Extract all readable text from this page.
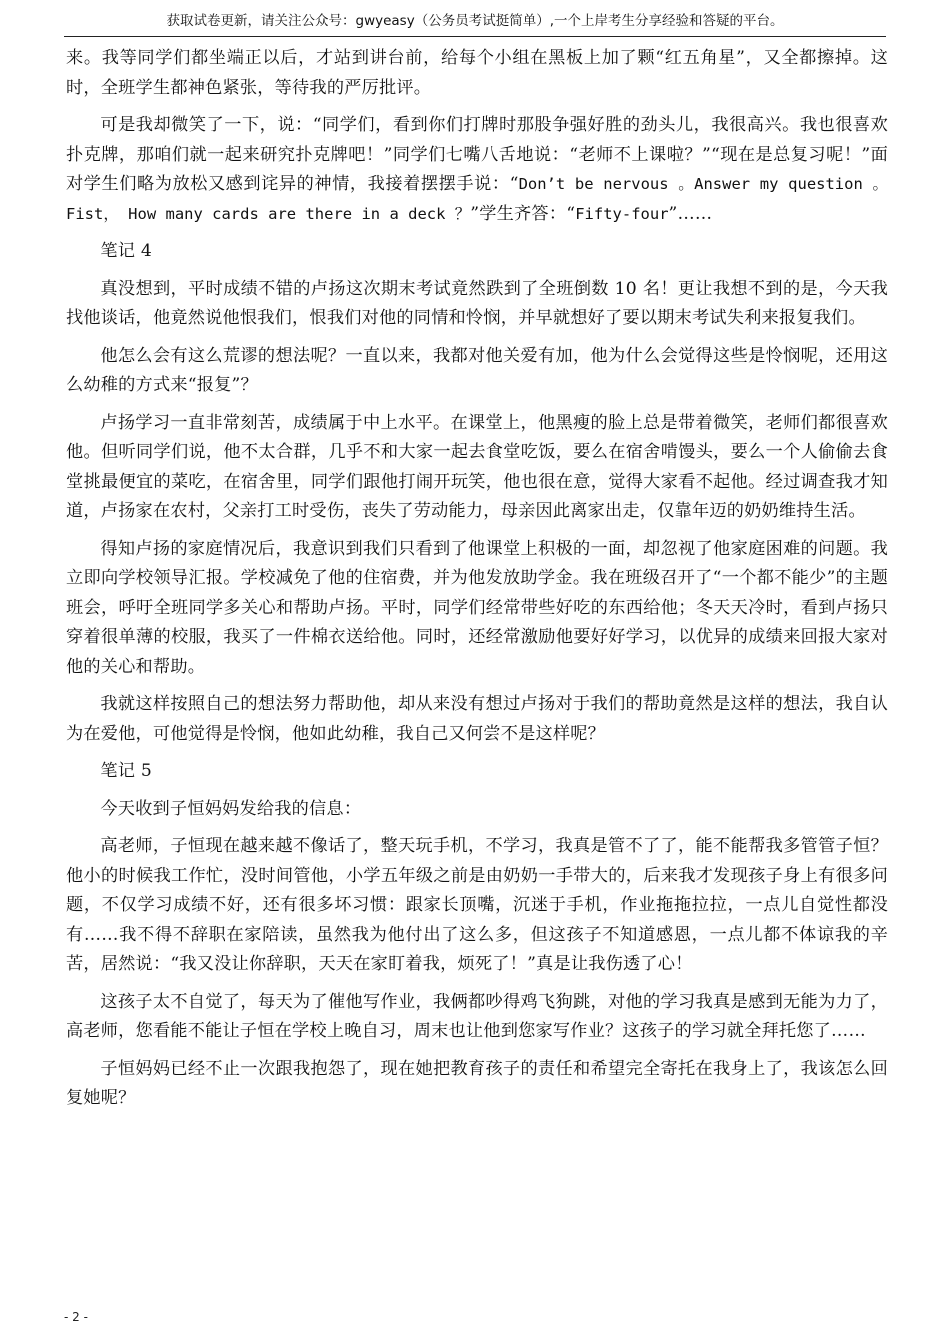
获取试卷更新，请关注公众号：gwyeasy（公务员考试挺简单）,一个上岸考生分享经验和答疑的平台。

来。我等同学们都坐端正以后，才站到讲台前，给每个小组在黑板上加了颗“红五角星”，又全都擦掉。这时，全班学生都神色紧张，等待我的严厉批评。

可是我却微笑了一下，说：“同学们，看到你们打牌时那股争强好胜的劲头儿，我很高兴。我也很喜欢扑克牌，那咱们就一起来研究扑克牌吧！”同学们七嘴八舌地说：“老师不上课啦？”“现在是总复习呢！”面对学生们略为放松又感到诧异的神情，我接着摆摆手说：“Don’t be nervous 。Answer my question 。Fist， How many cards are there in a deck ？”学生齐答：“Fifty-four”……

笔记 4

真没想到，平时成绩不错的卢扬这次期末考试竟然跌到了全班倒数 10 名！更让我想不到的是，今天我找他谈话，他竟然说他恨我们，恨我们对他的同情和怜悯，并早就想好了要以期末考试失利来报复我们。

他怎么会有这么荒谬的想法呢？一直以来，我都对他关爱有加，他为什么会觉得这些是怜悯呢，还用这么幼稚的方式来“报复”？

卢扬学习一直非常刻苦，成绩属于中上水平。在课堂上，他黑瘦的脸上总是带着微笑，老师们都很喜欢他。但听同学们说，他不太合群，几乎不和大家一起去食堂吃饭，要么在宿舍啃馒头，要么一个人偷偷去食堂挑最便宜的菜吃，在宿舍里，同学们跟他打闹开玩笑，他也很在意，觉得大家看不起他。经过调查我才知道，卢扬家在农村，父亲打工时受伤，丧失了劳动能力，母亲因此离家出走，仅靠年迈的奶奶维持生活。

得知卢扬的家庭情况后，我意识到我们只看到了他课堂上积极的一面，却忽视了他家庭困难的问题。我立即向学校领导汇报。学校减免了他的住宿费，并为他发放助学金。我在班级召开了“一个都不能少”的主题班会，呼吁全班同学多关心和帮助卢扬。平时，同学们经常带些好吃的东西给他；冬天天冷时，看到卢扬只穿着很单薄的校服，我买了一件棉衣送给他。同时，还经常激励他要好好学习，以优异的成绩来回报大家对他的关心和帮助。

我就这样按照自己的想法努力帮助他，却从来没有想过卢扬对于我们的帮助竟然是这样的想法，我自认为在爱他，可他觉得是怜悯，他如此幼稚，我自己又何尝不是这样呢？

笔记 5

今天收到子恒妈妈发给我的信息：

高老师，子恒现在越来越不像话了，整天玩手机，不学习，我真是管不了了，能不能帮我多管管子恒？他小的时候我工作忙，没时间管他，小学五年级之前是由奶奶一手带大的，后来我才发现孩子身上有很多问题，不仅学习成绩不好，还有很多坏习惯：跟家长顶嘴，沉迷于手机，作业拖拖拉拉，一点儿自觉性都没有……我不得不辞职在家陪读，虽然我为他付出了这么多，但这孩子不知道感恩，一点儿都不体谅我的辛苦，居然说：“我又没让你辞职，天天在家盯着我，烦死了！”真是让我伤透了心！

这孩子太不自觉了，每天为了催他写作业，我俩都吵得鸡飞狗跳，对他的学习我真是感到无能为力了，高老师，您看能不能让子恒在学校上晚自习，周末也让他到您家写作业？这孩子的学习就全拜托您了……

子恒妈妈已经不止一次跟我抱怨了，现在她把教育孩子的责任和希望完全寄托在我身上了，我该怎么回复她呢？

- 2 -
